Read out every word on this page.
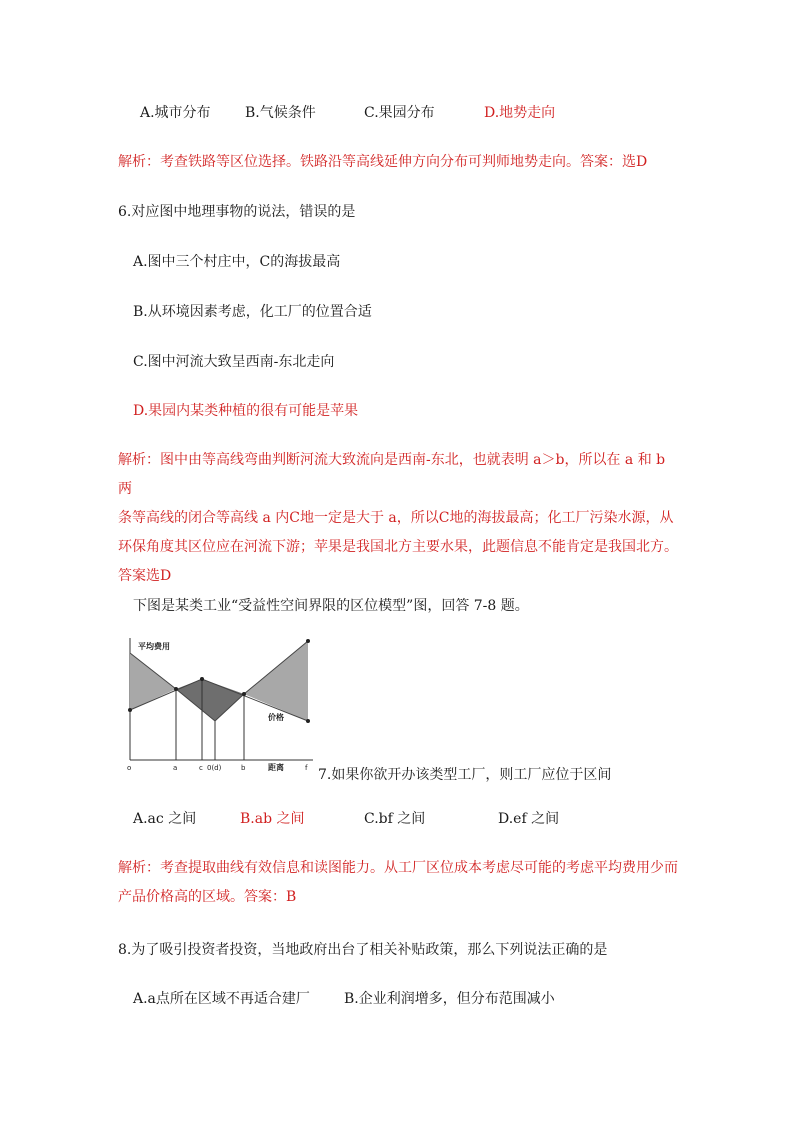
A.城市分布 B.气候条件	C.果园分布	D.地势走向
解析：考查铁路等区位选择。铁路沿等高线延伸方向分布可判师地势走向。答案：选D
6.对应图中地理事物的说法，错误的是
A.图中三个村庄中，C的海拔最高
B.从环境因素考虑，化工厂的位置合适
C.图中河流大致呈西南-东北走向
D.果园内某类种植的很有可能是苹果
解析：图中由等高线弯曲判断河流大致流向是西南-东北，也就表明 a＞b，所以在 a 和 b 两
条等高线的闭合等高线 a 内C地一定是大于 a，所以C地的海拔最高；化工厂污染水源，从
环保角度其区位应在河流下游；苹果是我国北方主要水果，此题信息不能肯定是我国北方。
答案选D
下图是某类工业“受益性空间界限的区位模型”图，回答 7-8 题。
平均费用
价格
o	a	c 0(d)	b	距离	f 7.如果你欲开办该类型工厂，则工厂应位于区间
A.ac 之间	B.ab 之间	C.bf 之间	D.ef 之间
解析：考查提取曲线有效信息和读图能力。从工厂区位成本考虑尽可能的考虑平均费用少而
产品价格高的区域。答案：B
8.为了吸引投资者投资，当地政府出台了相关补贴政策，那么下列说法正确的是
A.a点所在区域不再适合建厂 B.企业利润增多，但分布范围减小
